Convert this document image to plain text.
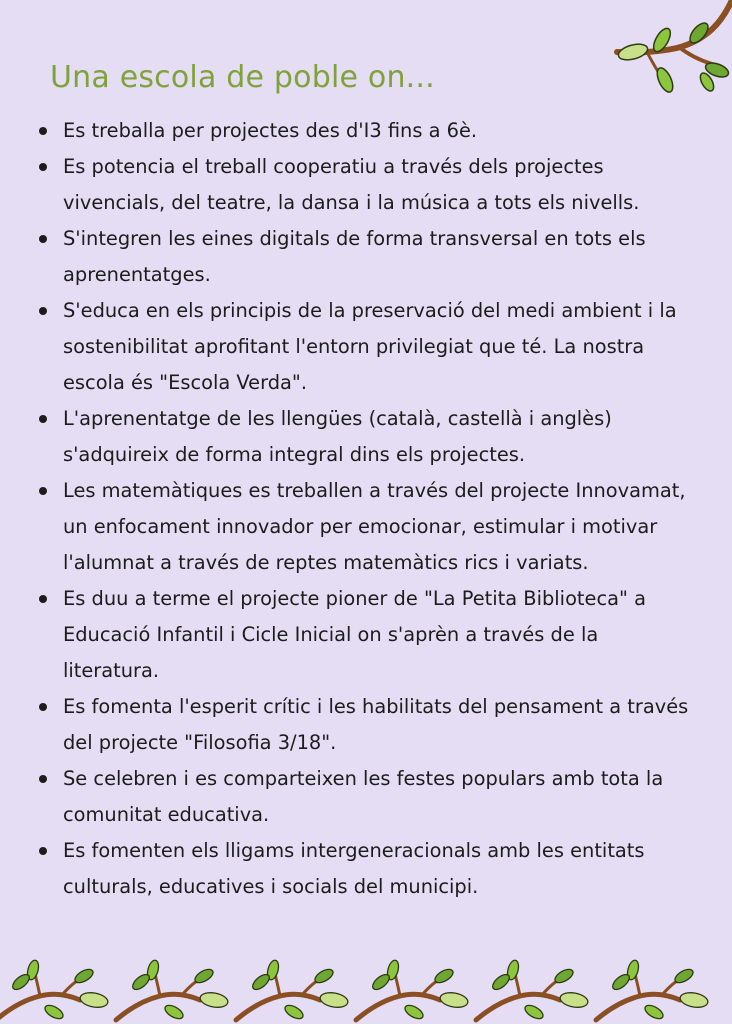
Una escola de poble on...
Es treballa per projectes des d'I3 fins a 6è.
Es potencia el treball cooperatiu a través dels projectes vivencials, del teatre, la dansa i la música a tots els nivells.
S'integren les eines digitals de forma transversal en tots els aprenentatges.
S'educa en els principis de la preservació del medi ambient i la sostenibilitat aprofitant l'entorn privilegiat que té. La nostra escola és "Escola Verda".
L'aprenentatge de les llengües (català, castellà i anglès) s'adquireix de forma integral dins els projectes.
Les matemàtiques es treballen a través del projecte Innovamat, un enfocament innovador per emocionar, estimular i motivar l'alumnat a través de reptes matemàtics rics i variats.
Es duu a terme el projecte pioner de "La Petita Biblioteca" a Educació Infantil i Cicle Inicial on s'aprèn a través de la literatura.
Es fomenta l'esperit crític i les habilitats del pensament a través del projecte "Filosofia 3/18".
Se celebren i es comparteixen les festes populars amb tota la comunitat educativa.
Es fomenten els lligams intergeneracionals amb les entitats culturals, educatives i socials del municipi.
